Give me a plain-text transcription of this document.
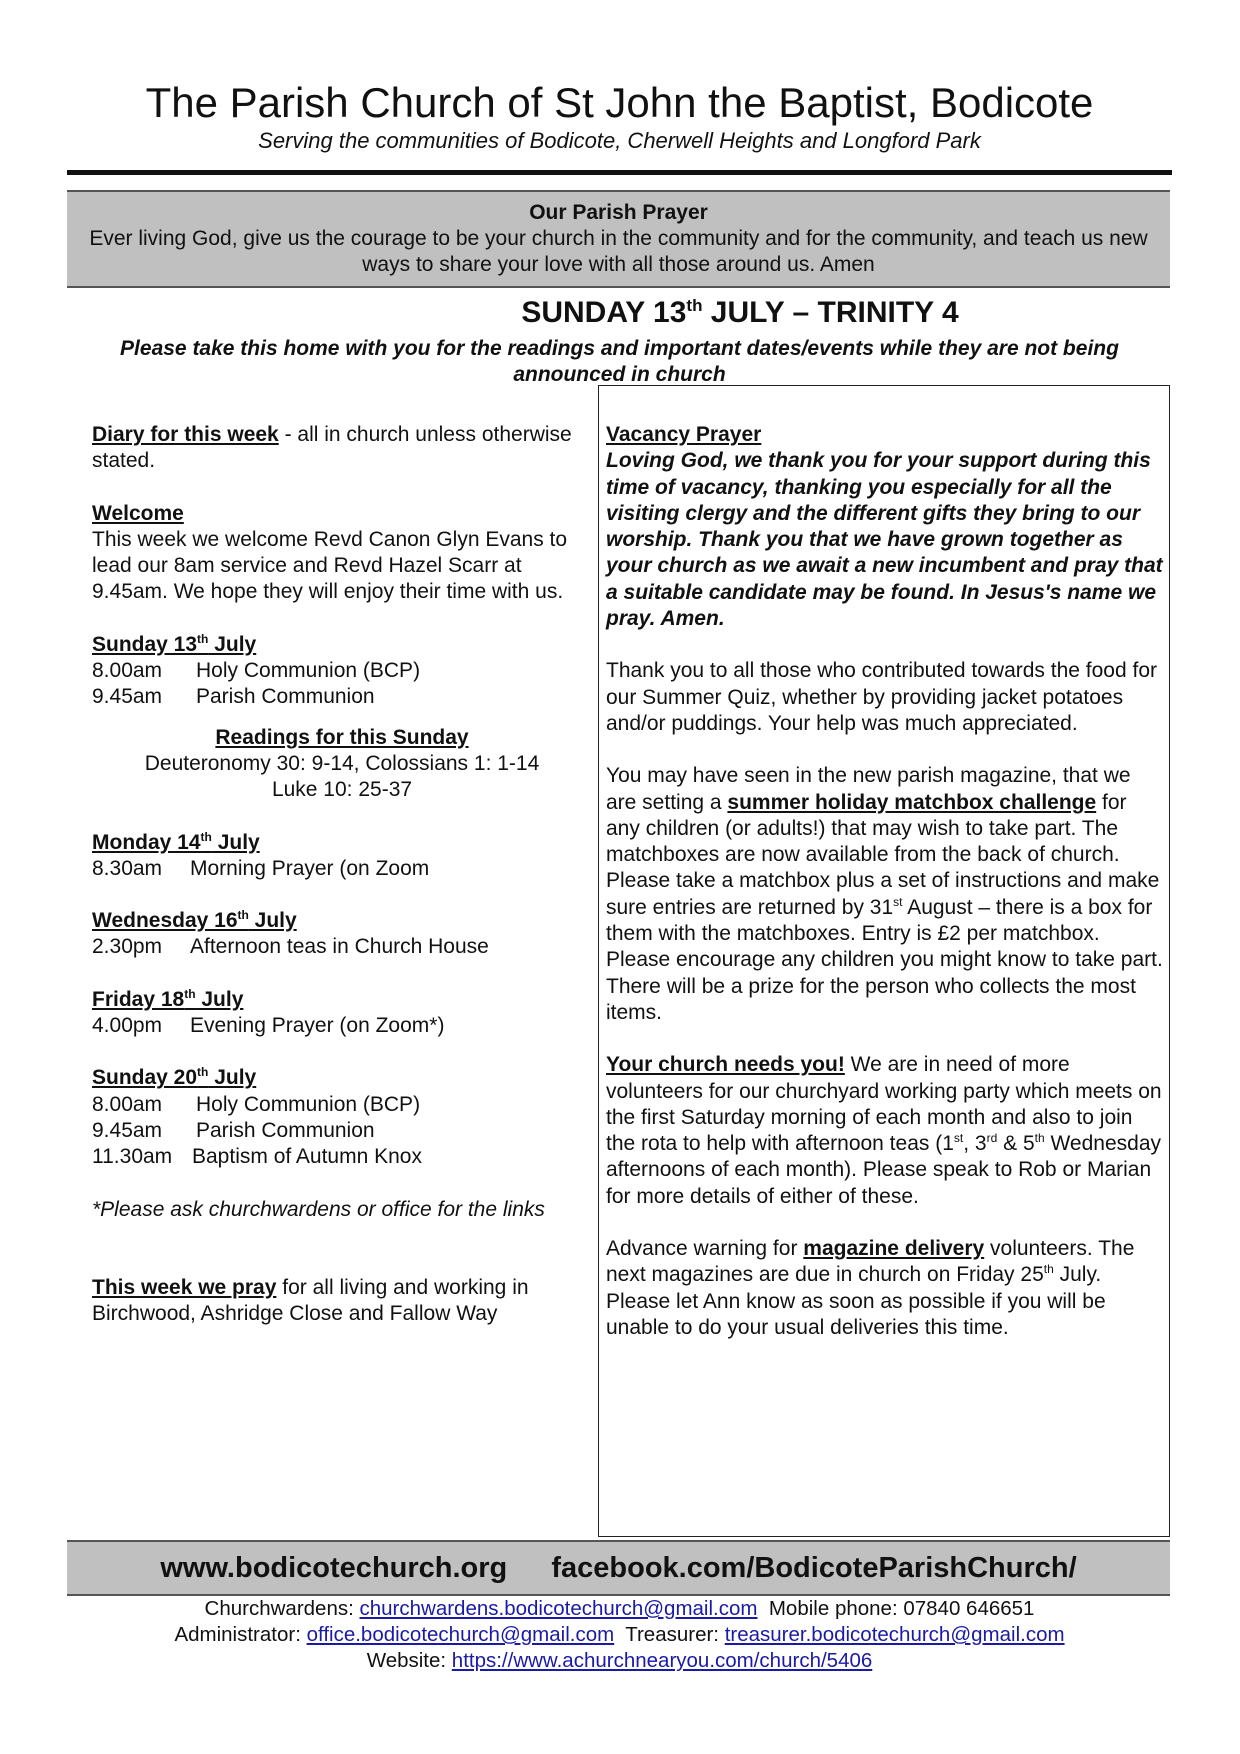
The Parish Church of St John the Baptist, Bodicote
Serving the communities of Bodicote, Cherwell Heights and Longford Park
Our Parish Prayer
Ever living God, give us the courage to be your church in the community and for the community, and teach us new ways to share your love with all those around us. Amen
SUNDAY 13th JULY – TRINITY 4
Please take this home with you for the readings and important dates/events while they are not being announced in church

Diary for this week - all in church unless otherwise stated.

Welcome

This week we welcome Revd Canon Glyn Evans to lead our 8am service and Revd Hazel Scarr at 9.45am. We hope they will enjoy their time with us.

Sunday 13th July

8.00am Holy Communion (BCP)

9.45am Parish Communion

Readings for this Sunday

Deuteronomy 30: 9-14, Colossians 1: 1-14

Luke 10: 25-37

Monday 14th July

8.30am Morning Prayer (on Zoom

Wednesday 16th July

2.30pm Afternoon teas in Church House

Friday 18th July

4.00pm Evening Prayer (on Zoom*)

Sunday 20th July

8.00am Holy Communion (BCP)

9.45am Parish Communion

11.30am Baptism of Autumn Knox

*Please ask churchwardens or office for the links

This week we pray for all living and working in Birchwood, Ashridge Close and Fallow Way

Vacancy Prayer

Loving God, we thank you for your support during this time of vacancy, thanking you especially for all the visiting clergy and the different gifts they bring to our worship. Thank you that we have grown together as your church as we await a new incumbent and pray that a suitable candidate may be found. In Jesus's name we pray. Amen.

Thank you to all those who contributed towards the food for our Summer Quiz, whether by providing jacket potatoes and/or puddings. Your help was much appreciated.

You may have seen in the new parish magazine, that we are setting a summer holiday matchbox challenge for any children (or adults!) that may wish to take part. The matchboxes are now available from the back of church. Please take a matchbox plus a set of instructions and make sure entries are returned by 31st August – there is a box for them with the matchboxes. Entry is £2 per matchbox. Please encourage any children you might know to take part. There will be a prize for the person who collects the most items.

Your church needs you! We are in need of more volunteers for our churchyard working party which meets on the first Saturday morning of each month and also to join the rota to help with afternoon teas (1st, 3rd & 5th Wednesday afternoons of each month). Please speak to Rob or Marian for more details of either of these.

Advance warning for magazine delivery volunteers. The next magazines are due in church on Friday 25th July. Please let Ann know as soon as possible if you will be unable to do your usual deliveries this time.

www.bodicotechurch.org facebook.com/BodicoteParishChurch/
Churchwardens: churchwardens.bodicotechurch@gmail.com  Mobile phone: 07840 646651
Administrator: office.bodicotechurch@gmail.com  Treasurer: treasurer.bodicotechurch@gmail.com
Website: https://www.achurchnearyou.com/church/5406
